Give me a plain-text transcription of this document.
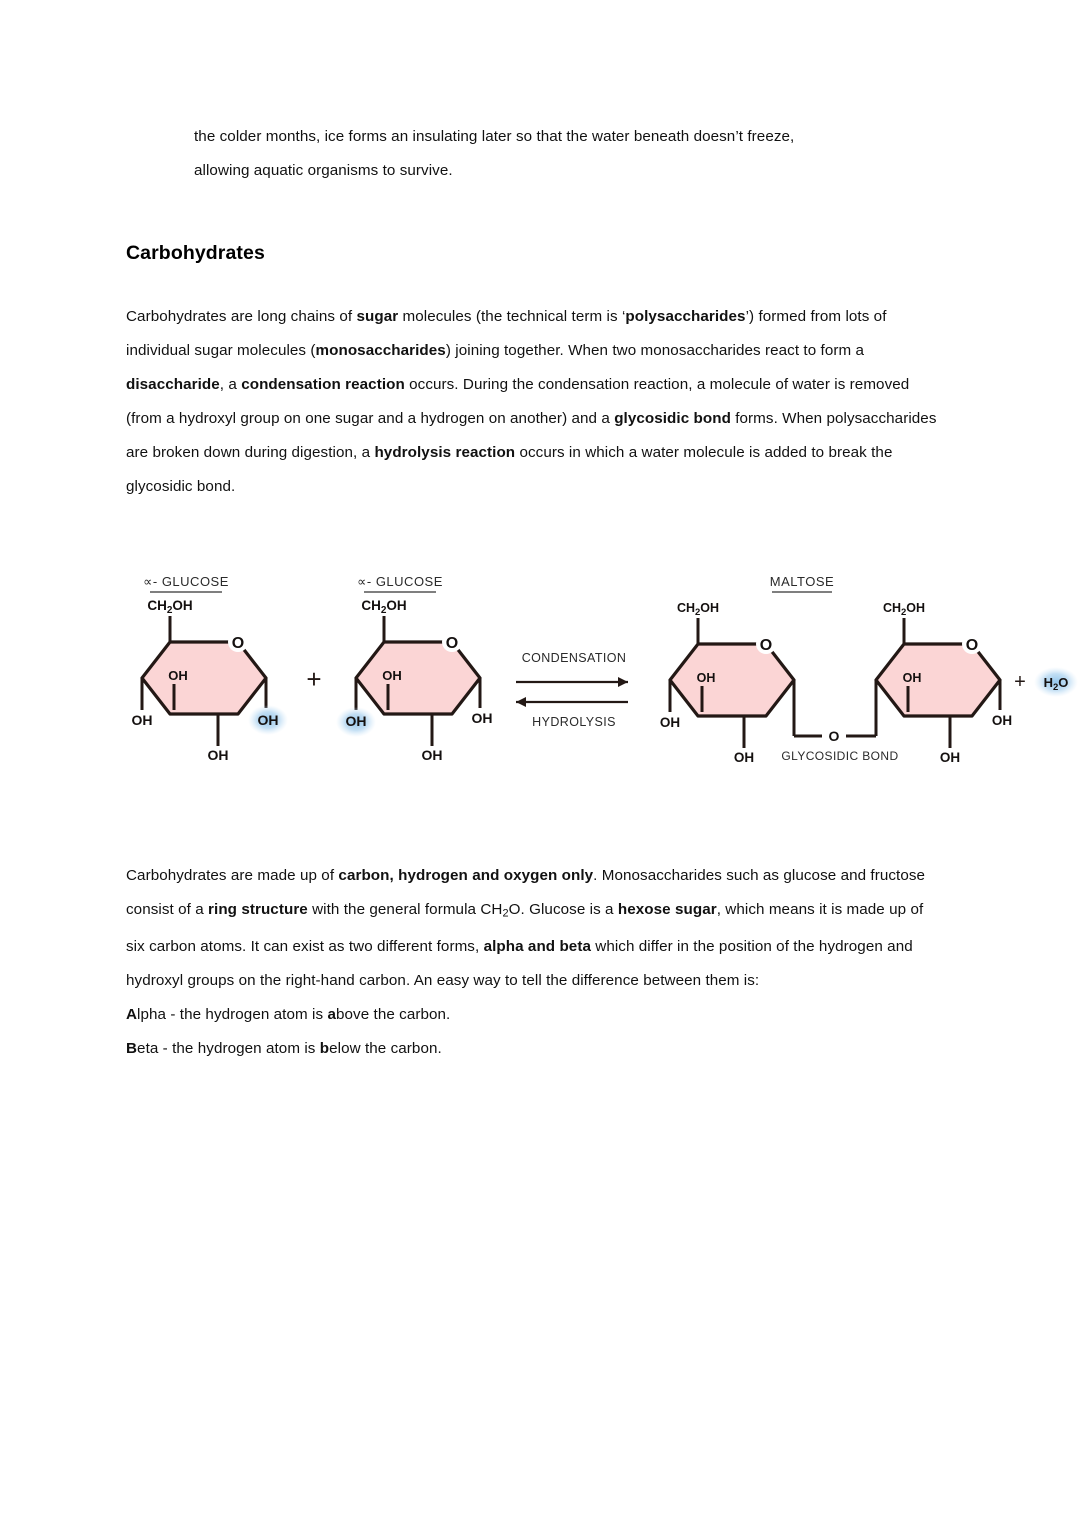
the colder months, ice forms an insulating later so that the water beneath doesn’t freeze,
allowing aquatic organisms to survive.
Carbohydrates

Carbohydrates are long chains of sugar molecules (the technical term is ‘polysaccharides’) formed from lots of individual sugar molecules (monosaccharides) joining together. When two monosaccharides react to form a disaccharide, a condensation reaction occurs. During the condensation reaction, a molecule of water is removed (from a hydroxyl group on one sugar and a hydrogen on another) and a glycosidic bond forms. When polysaccharides are broken down during digestion, a hydrolysis reaction occurs in which a water molecule is added to break the glycosidic bond.

∝- GLUCOSE
O
$CH_2OH$
OH
OH
OH
OH
+
∝- GLUCOSE
O
$CH_2OH$
OH
OH
OH
OH
CONDENSATION
HYDROLYSIS
MALTOSE
O
$CH_2OH$
OH
OH
OH
O
GLYCOSIDIC BOND
O
$CH_2OH$
OH
OH
OH
+ $H_2O$

Carbohydrates are made up of carbon, hydrogen and oxygen only. Monosaccharides such as glucose and fructose consist of a ring structure with the general formula $CH_2O$. Glucose is a hexose sugar, which means it is made up of six carbon atoms. It can exist as two different forms, alpha and beta which differ in the position of the hydrogen and hydroxyl groups on the right-hand carbon. An easy way to tell the difference between them is:

Alpha - the hydrogen atom is above the carbon.
Beta - the hydrogen atom is below the carbon.
